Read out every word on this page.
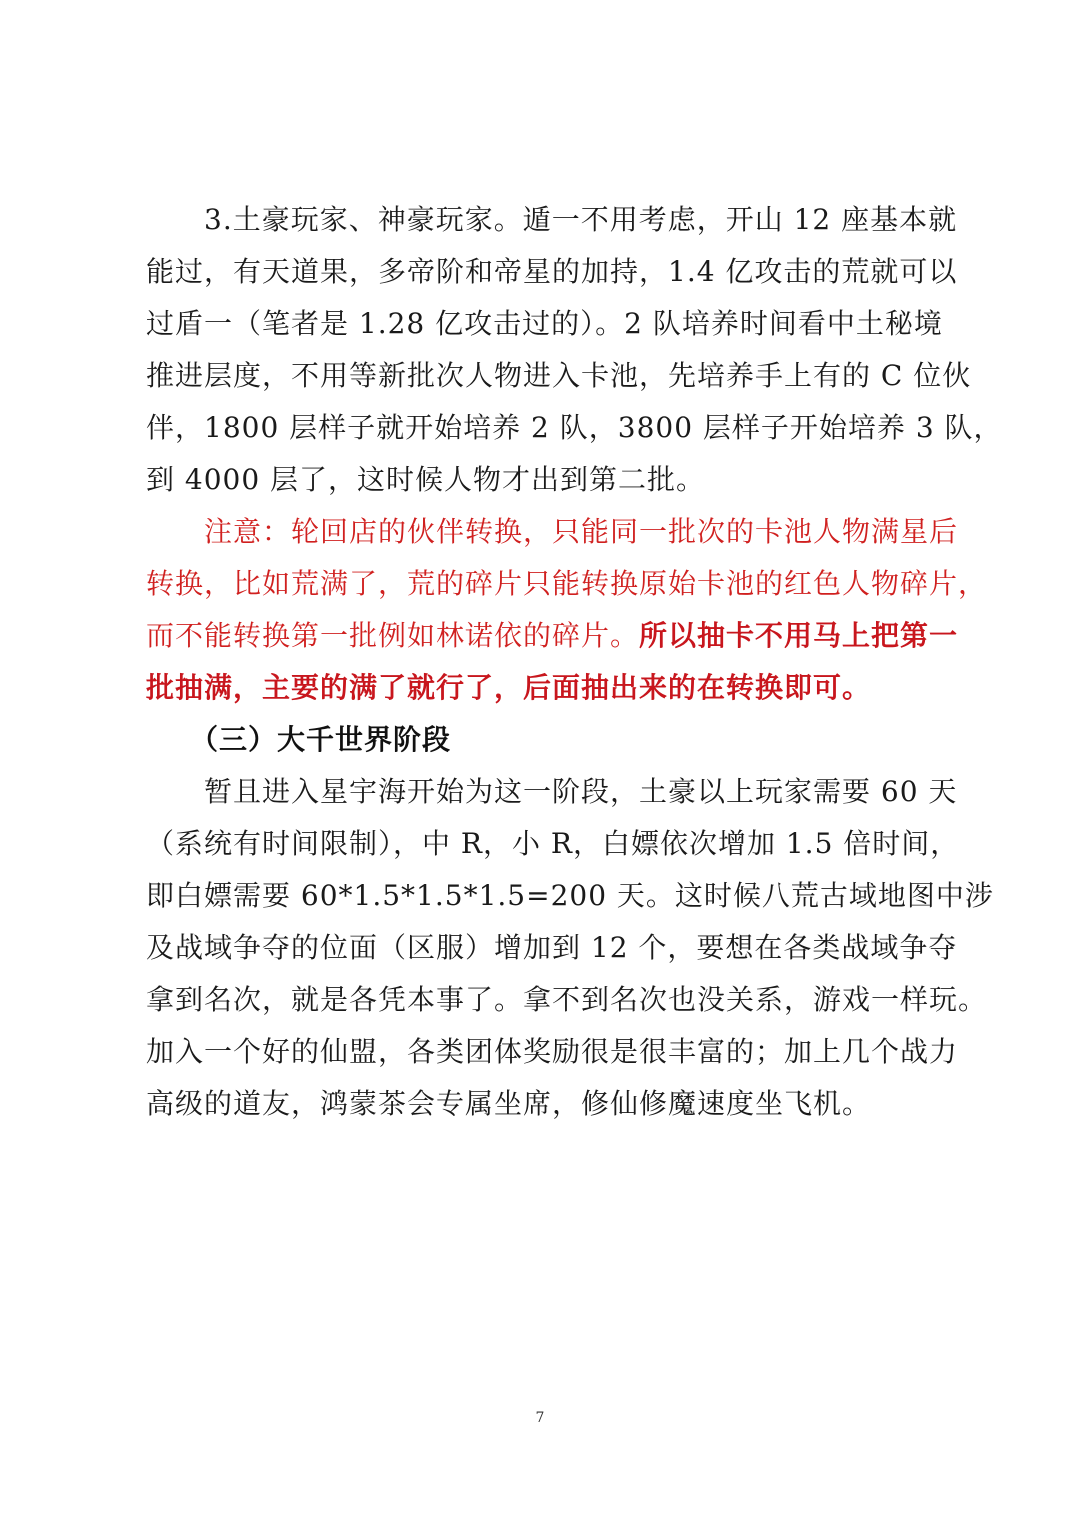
　　3.土豪玩家、神豪玩家。遁一不用考虑，开山 12 座基本就
能过，有天道果，多帝阶和帝星的加持，1.4 亿攻击的荒就可以
过盾一（笔者是 1.28 亿攻击过的）。2 队培养时间看中土秘境
推进层度，不用等新批次人物进入卡池，先培养手上有的 C 位伙
伴，1800 层样子就开始培养 2 队，3800 层样子开始培养 3 队，
到 4000 层了，这时候人物才出到第二批。
　　注意：轮回店的伙伴转换，只能同一批次的卡池人物满星后
转换，比如荒满了，荒的碎片只能转换原始卡池的红色人物碎片，
而不能转换第一批例如林诺依的碎片。所以抽卡不用马上把第一
批抽满，主要的满了就行了，后面抽出来的在转换即可。
　　（三）大千世界阶段
　　暂且进入星宇海开始为这一阶段，土豪以上玩家需要 60 天
（系统有时间限制），中 R，小 R，白嫖依次增加 1.5 倍时间，
即白嫖需要 60*1.5*1.5*1.5=200 天。这时候八荒古域地图中涉
及战域争夺的位面（区服）增加到 12 个，要想在各类战域争夺
拿到名次，就是各凭本事了。拿不到名次也没关系，游戏一样玩。
加入一个好的仙盟，各类团体奖励很是很丰富的；加上几个战力
高级的道友，鸿蒙茶会专属坐席，修仙修魔速度坐飞机。
7
